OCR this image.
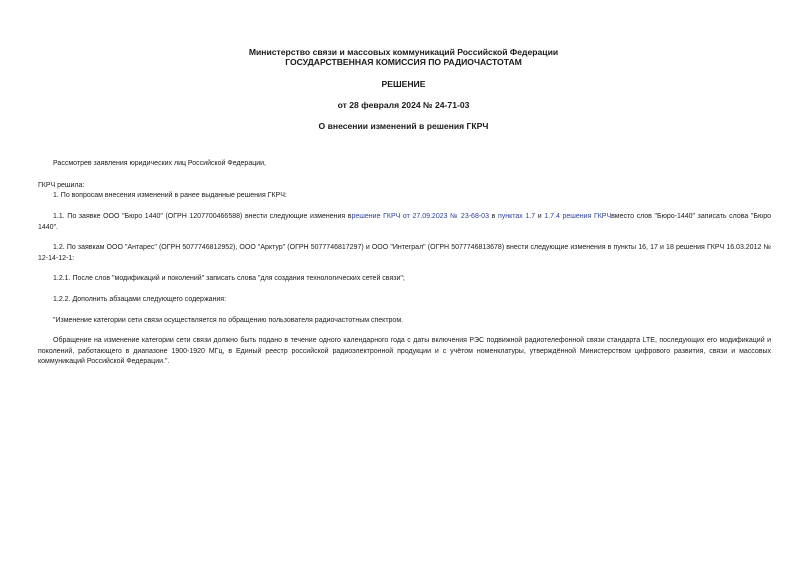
Министерство связи и массовых коммуникаций Российской Федерации
ГОСУДАРСТВЕННАЯ КОМИССИЯ ПО РАДИОЧАСТОТАМ
РЕШЕНИЕ
от 28 февраля 2024 № 24-71-03
О внесении изменений в решения ГКРЧ
Рассмотрев заявления юридических лиц Российской Федерации,
ГКРЧ решила:
1. По вопросам внесения изменений в ранее выданные решения ГКРЧ:
1.1. По заявке ООО "Бюро 1440" (ОГРН 1207700466588) внести следующие изменения врешение ГКРЧ от 27.09.2023 № 23-68-03 в пунктах 1.7 и 1.7.4 решения ГКРЧвместо слов "Бюро-1440" записать слова "Бюро 1440".
1.2. По заявкам ООО "Антарес" (ОГРН 5077746812952), ООО "Арктур" (ОГРН 5077746817297) и ООО "Интеграл" (ОГРН 5077746813678) внести следующие изменения в пункты 16, 17 и 18 решения ГКРЧ 16.03.2012 № 12-14-12-1:
1.2.1. После слов "модификаций и поколений" записать слова "для создания технологических сетей связи";
1.2.2. Дополнить абзацами следующего содержания:
"Изменение категории сети связи осуществляется по обращению пользователя радиочастотным спектром.
Обращение на изменение категории сети связи должно быть подано в течение одного календарного года с даты включения РЭС подвижной радиотелефонной связи стандарта LTE, последующих его модификаций и поколений, работающего в диапазоне 1900-1920 МГц, в Единый реестр российской радиоэлектронной продукции и с учётом номенклатуры, утверждённой Министерством цифрового развития, связи и массовых коммуникаций Российской Федерации.".
